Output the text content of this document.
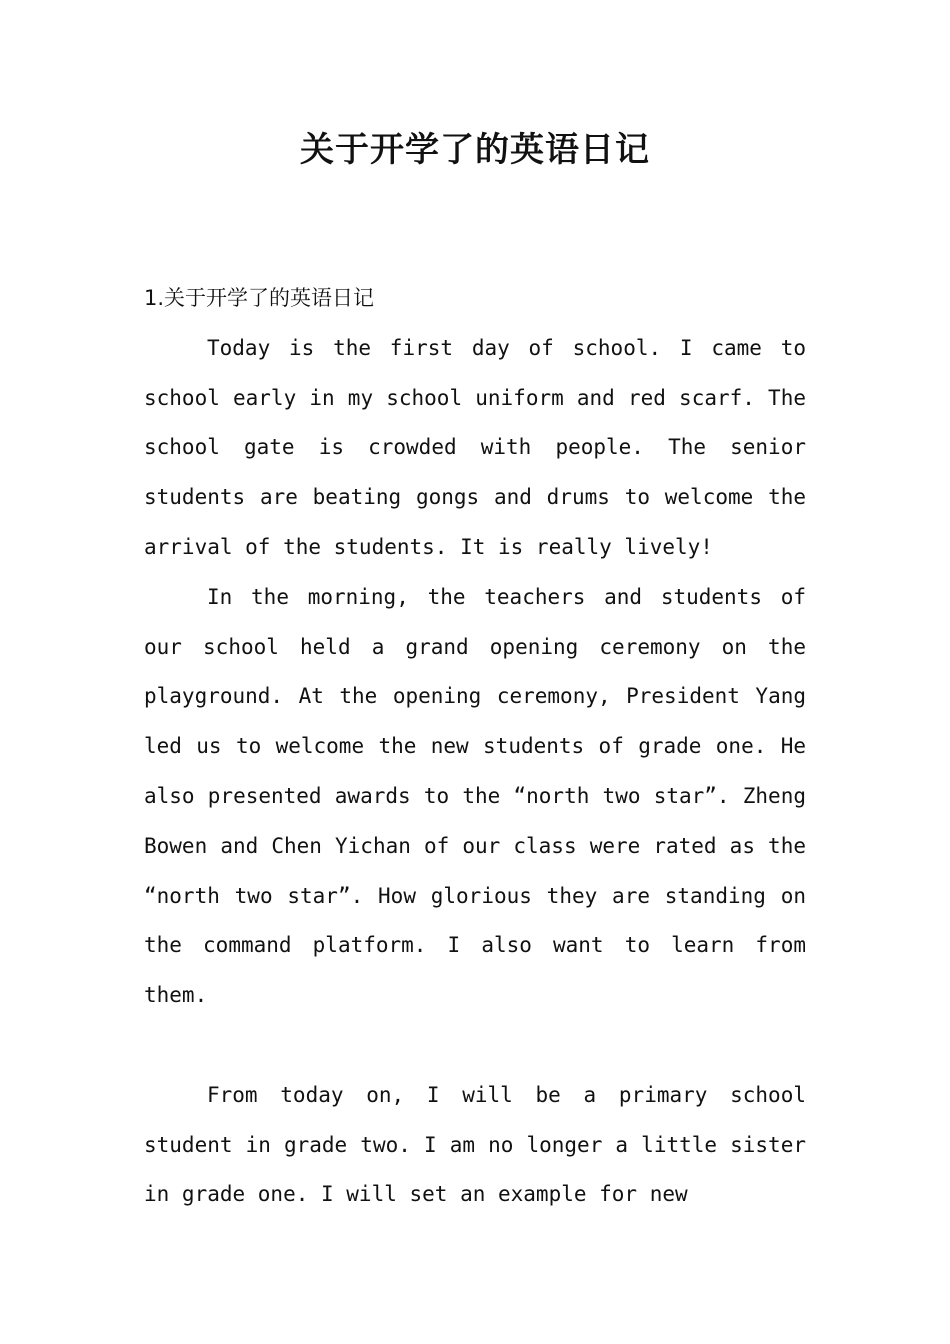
关于开学了的英语日记
1.关于开学了的英语日记

Today is the first day of school. I came to school early in my school uniform and red scarf. The school gate is crowded with people. The senior students are beating gongs and drums to welcome the arrival of the students. It is really lively!

In the morning, the teachers and students of our school held a grand opening ceremony on the playground. At the opening ceremony, President Yang led us to welcome the new students of grade one. He also presented awards to the “north two star”. Zheng Bowen and Chen Yichan of our class were rated as the “north two star”. How glorious they are standing on the command platform. I also want to learn from them.

From today on, I will be a primary school student in grade two. I am no longer a little sister in grade one. I will set an example for new
